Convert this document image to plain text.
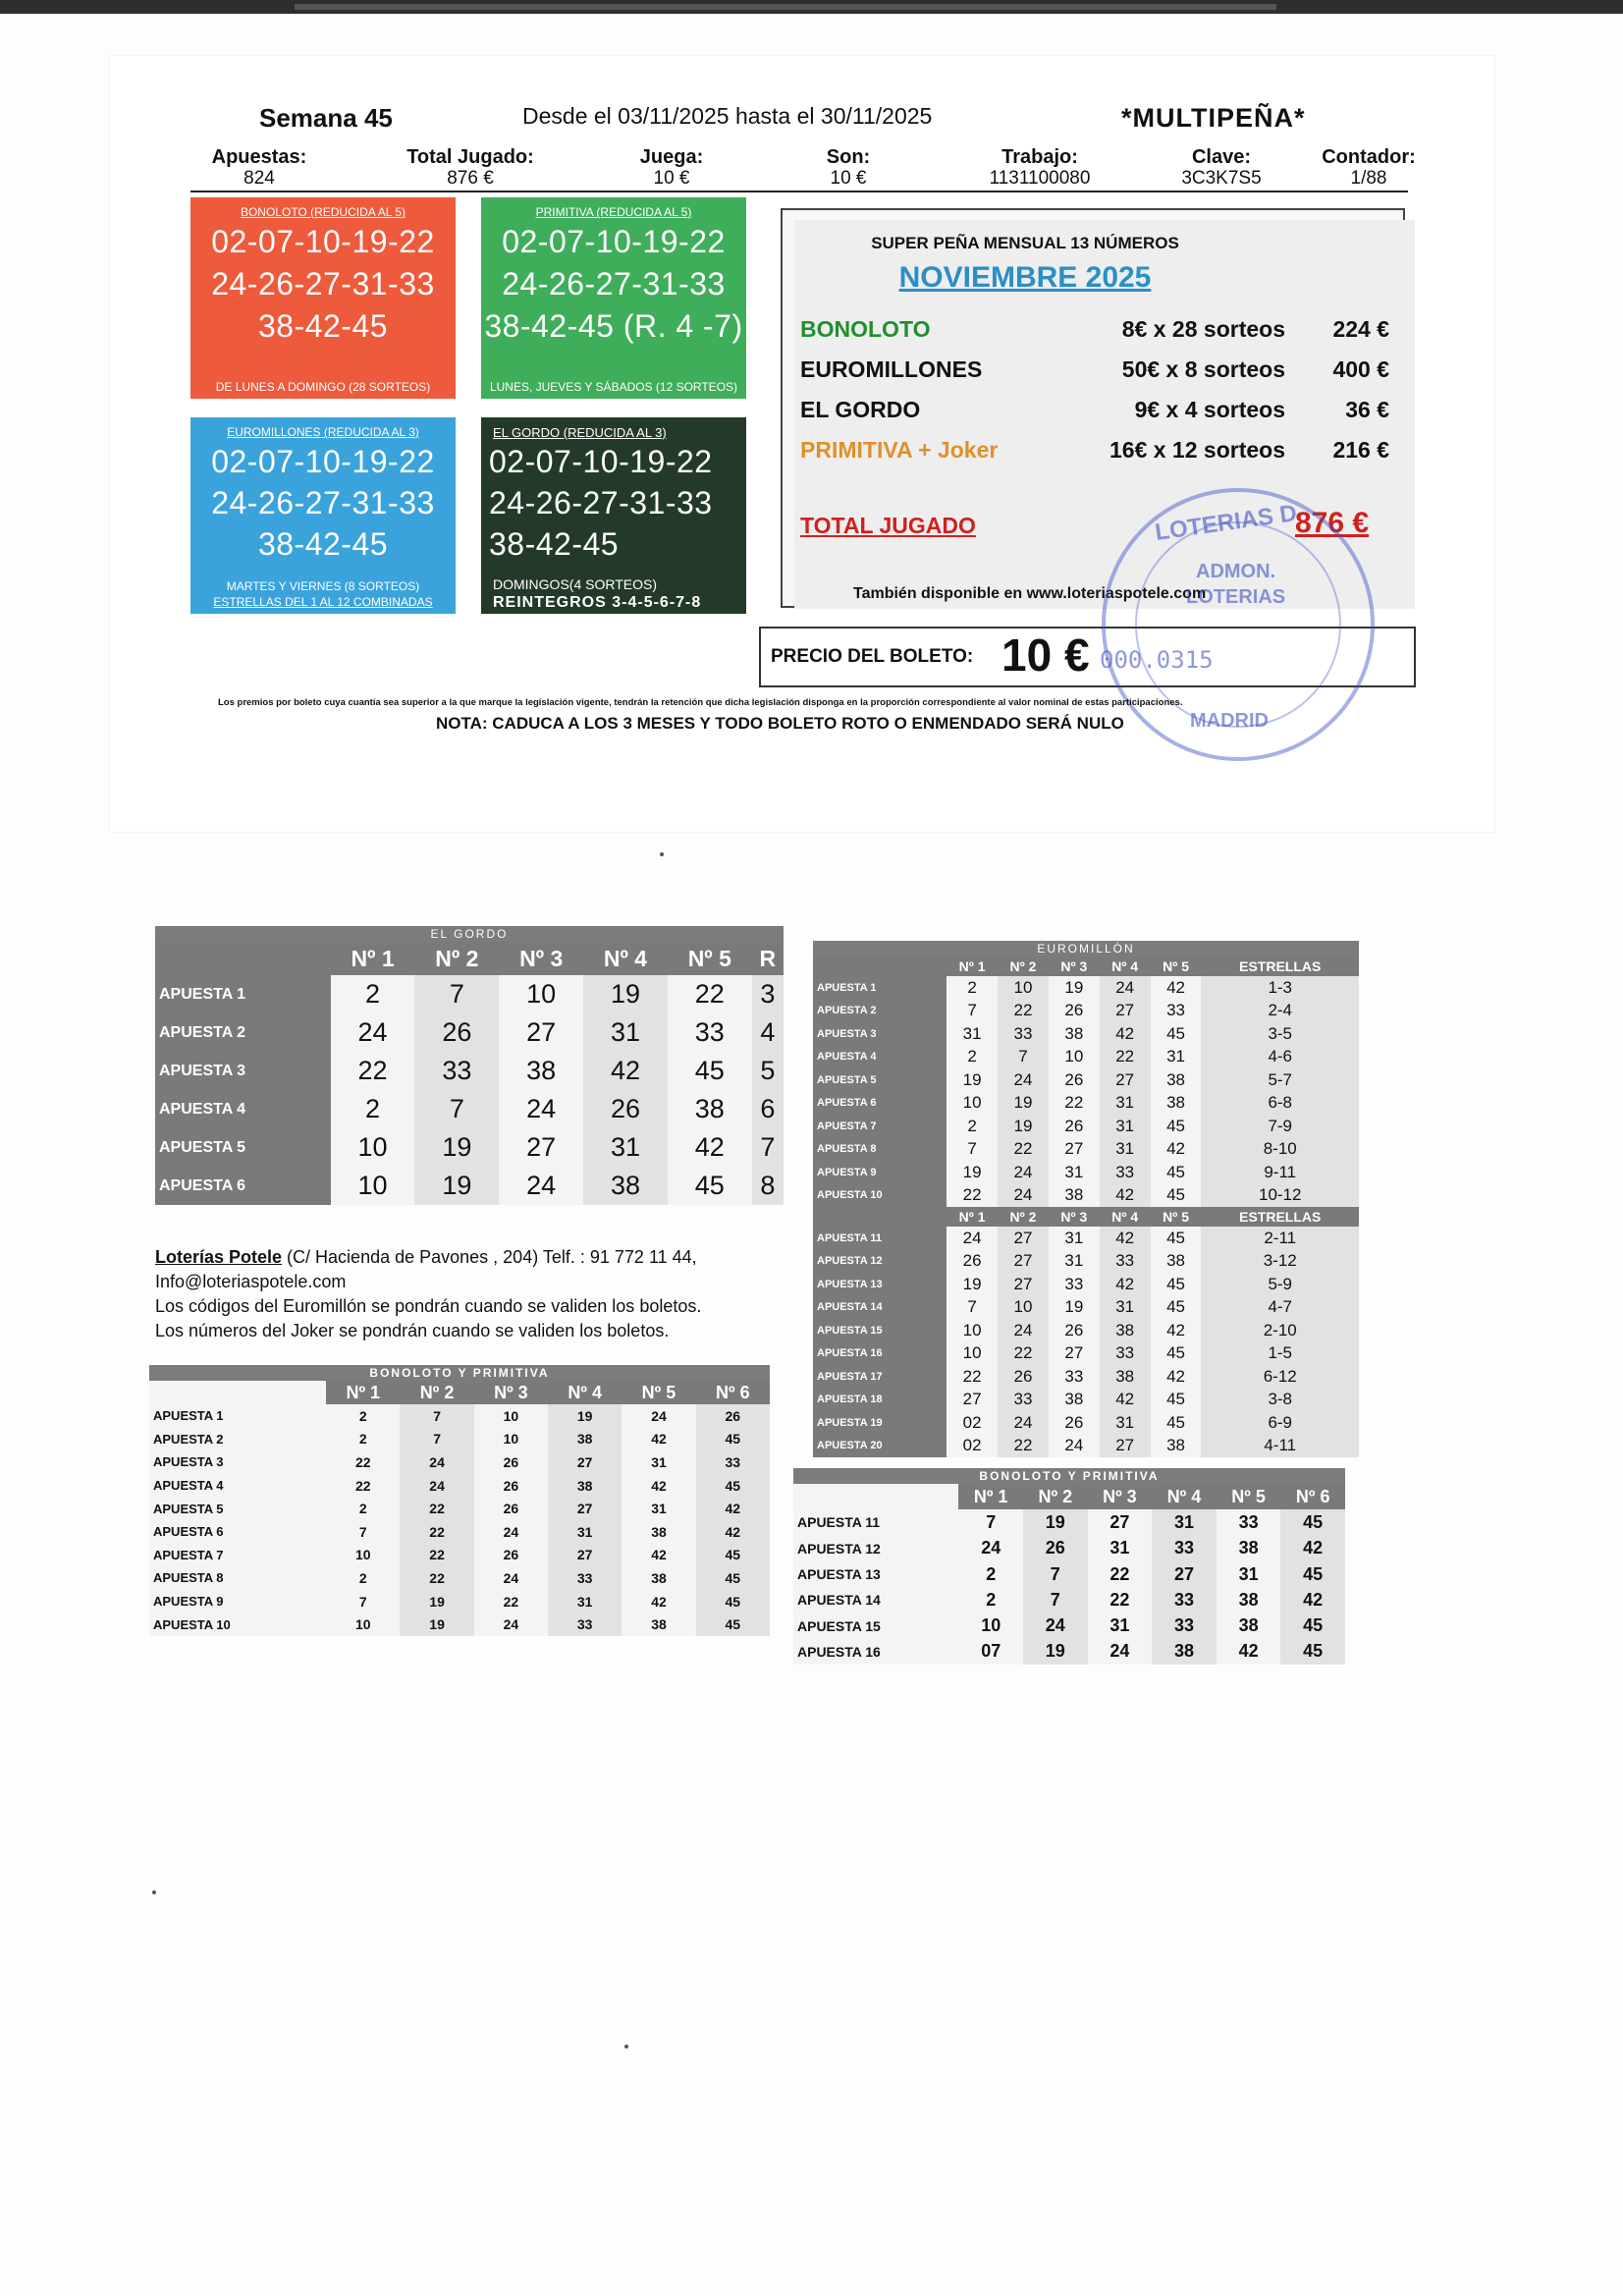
Semana 45	Desde el 03/11/2025 hasta el 30/11/2025	*MULTIPEÑA*
Apuestas:
824
Total Jugado:
876 €
Juega:
10 €
Son:
10 €
Trabajo:
1131100080
Clave:
3C3K7S5
Contador:
1/88
BONOLOTO (REDUCIDA AL 5)
02-07-10-19-22
24-26-27-31-33
38-42-45
DE LUNES A DOMINGO (28 SORTEOS)
PRIMITIVA (REDUCIDA AL 5)
02-07-10-19-22
24-26-27-31-33
38-42-45 (R. 4 -7)
LUNES, JUEVES Y SÁBADOS (12 SORTEOS)
EUROMILLONES (REDUCIDA AL 3)
02-07-10-19-22
24-26-27-31-33
38-42-45
MARTES Y VIERNES (8 SORTEOS)
ESTRELLAS DEL 1 AL 12 COMBINADAS
EL GORDO (REDUCIDA AL 3)
02-07-10-19-22
24-26-27-31-33
38-42-45
DOMINGOS(4 SORTEOS)
REINTEGROS 3-4-5-6-7-8
SUPER PEÑA MENSUAL 13 NÚMEROS
NOVIEMBRE 2025
BONOLOTO	8€ x 28 sorteos 224 €
EUROMILLONES	50€ x 8 sorteos 400 €
EL GORDO	9€ x 4 sorteos	36 €
PRIMITIVA + Joker	16€ x 12 sorteos 216 €
TOTAL JUGADO	876 €
También disponible en www.loteriaspotele.com
PRECIO DEL BOLETO: 10 € 000.0315
LOTERIAS D
ADMON.
LOTERIAS
MADRID
Los premios por boleto cuya cuantía sea superior a la que marque la legislación vigente, tendrán la retención que dicha legislación disponga en la proporción correspondiente al valor nominal de estas participaciones.
NOTA: CADUCA A LOS 3 MESES Y TODO BOLETO ROTO O ENMENDADO SERÁ NULO
EL GORDO						
	Nº 1	Nº 2	Nº 3	Nº 4	Nº 5	R
APUESTA 1	2	7	10	19	22	3
APUESTA 2	24	26	27	31	33	4
APUESTA 3	22	33	38	42	45	5
APUESTA 4	2	7	24	26	38	6
APUESTA 5	10	19	27	31	42	7
APUESTA 6	10	19	24	38	45	8
Loterías Potele (C/ Hacienda de Pavones , 204) Telf. : 91 772 11 44,
Info@loteriaspotele.com
Los códigos del Euromillón se pondrán cuando se validen los boletos.
Los números del Joker se pondrán cuando se validen los boletos.
BONOLOTO Y PRIMITIVA						
	Nº 1	Nº 2	Nº 3	Nº 4	Nº 5	Nº 6
APUESTA 1	2	7	10	19	24	26
APUESTA 2	2	7	10	38	42	45
APUESTA 3	22	24	26	27	31	33
APUESTA 4	22	24	26	38	42	45
APUESTA 5	2	22	26	27	31	42
APUESTA 6	7	22	24	31	38	42
APUESTA 7	10	22	26	27	42	45
APUESTA 8	2	22	24	33	38	45
APUESTA 9	7	19	22	31	42	45
APUESTA 10	10	19	24	33	38	45
EUROMILLÓN						
	Nº 1	Nº 2	Nº 3	Nº 4	Nº 5	ESTRELLAS
APUESTA 1	2	10	19	24	42	1-3
APUESTA 2	7	22	26	27	33	2-4
APUESTA 3	31	33	38	42	45	3-5
APUESTA 4	2	7	10	22	31	4-6
APUESTA 5	19	24	26	27	38	5-7
APUESTA 6	10	19	22	31	38	6-8
APUESTA 7	2	19	26	31	45	7-9
APUESTA 8	7	22	27	31	42	8-10
APUESTA 9	19	24	31	33	45	9-11
APUESTA 10	22	24	38	42	45	10-12
	Nº 1	Nº 2	Nº 3	Nº 4	Nº 5	ESTRELLAS
APUESTA 11	24	27	31	42	45	2-11
APUESTA 12	26	27	31	33	38	3-12
APUESTA 13	19	27	33	42	45	5-9
APUESTA 14	7	10	19	31	45	4-7
APUESTA 15	10	24	26	38	42	2-10
APUESTA 16	10	22	27	33	45	1-5
APUESTA 17	22	26	33	38	42	6-12
APUESTA 18	27	33	38	42	45	3-8
APUESTA 19	02	24	26	31	45	6-9
APUESTA 20	02	22	24	27	38	4-11
BONOLOTO Y PRIMITIVA						
	Nº 1	Nº 2	Nº 3	Nº 4	Nº 5	Nº 6
APUESTA 11	7	19	27	31	33	45
APUESTA 12	24	26	31	33	38	42
APUESTA 13	2	7	22	27	31	45
APUESTA 14	2	7	22	33	38	42
APUESTA 15	10	24	31	33	38	45
APUESTA 16	07	19	24	38	42	45
